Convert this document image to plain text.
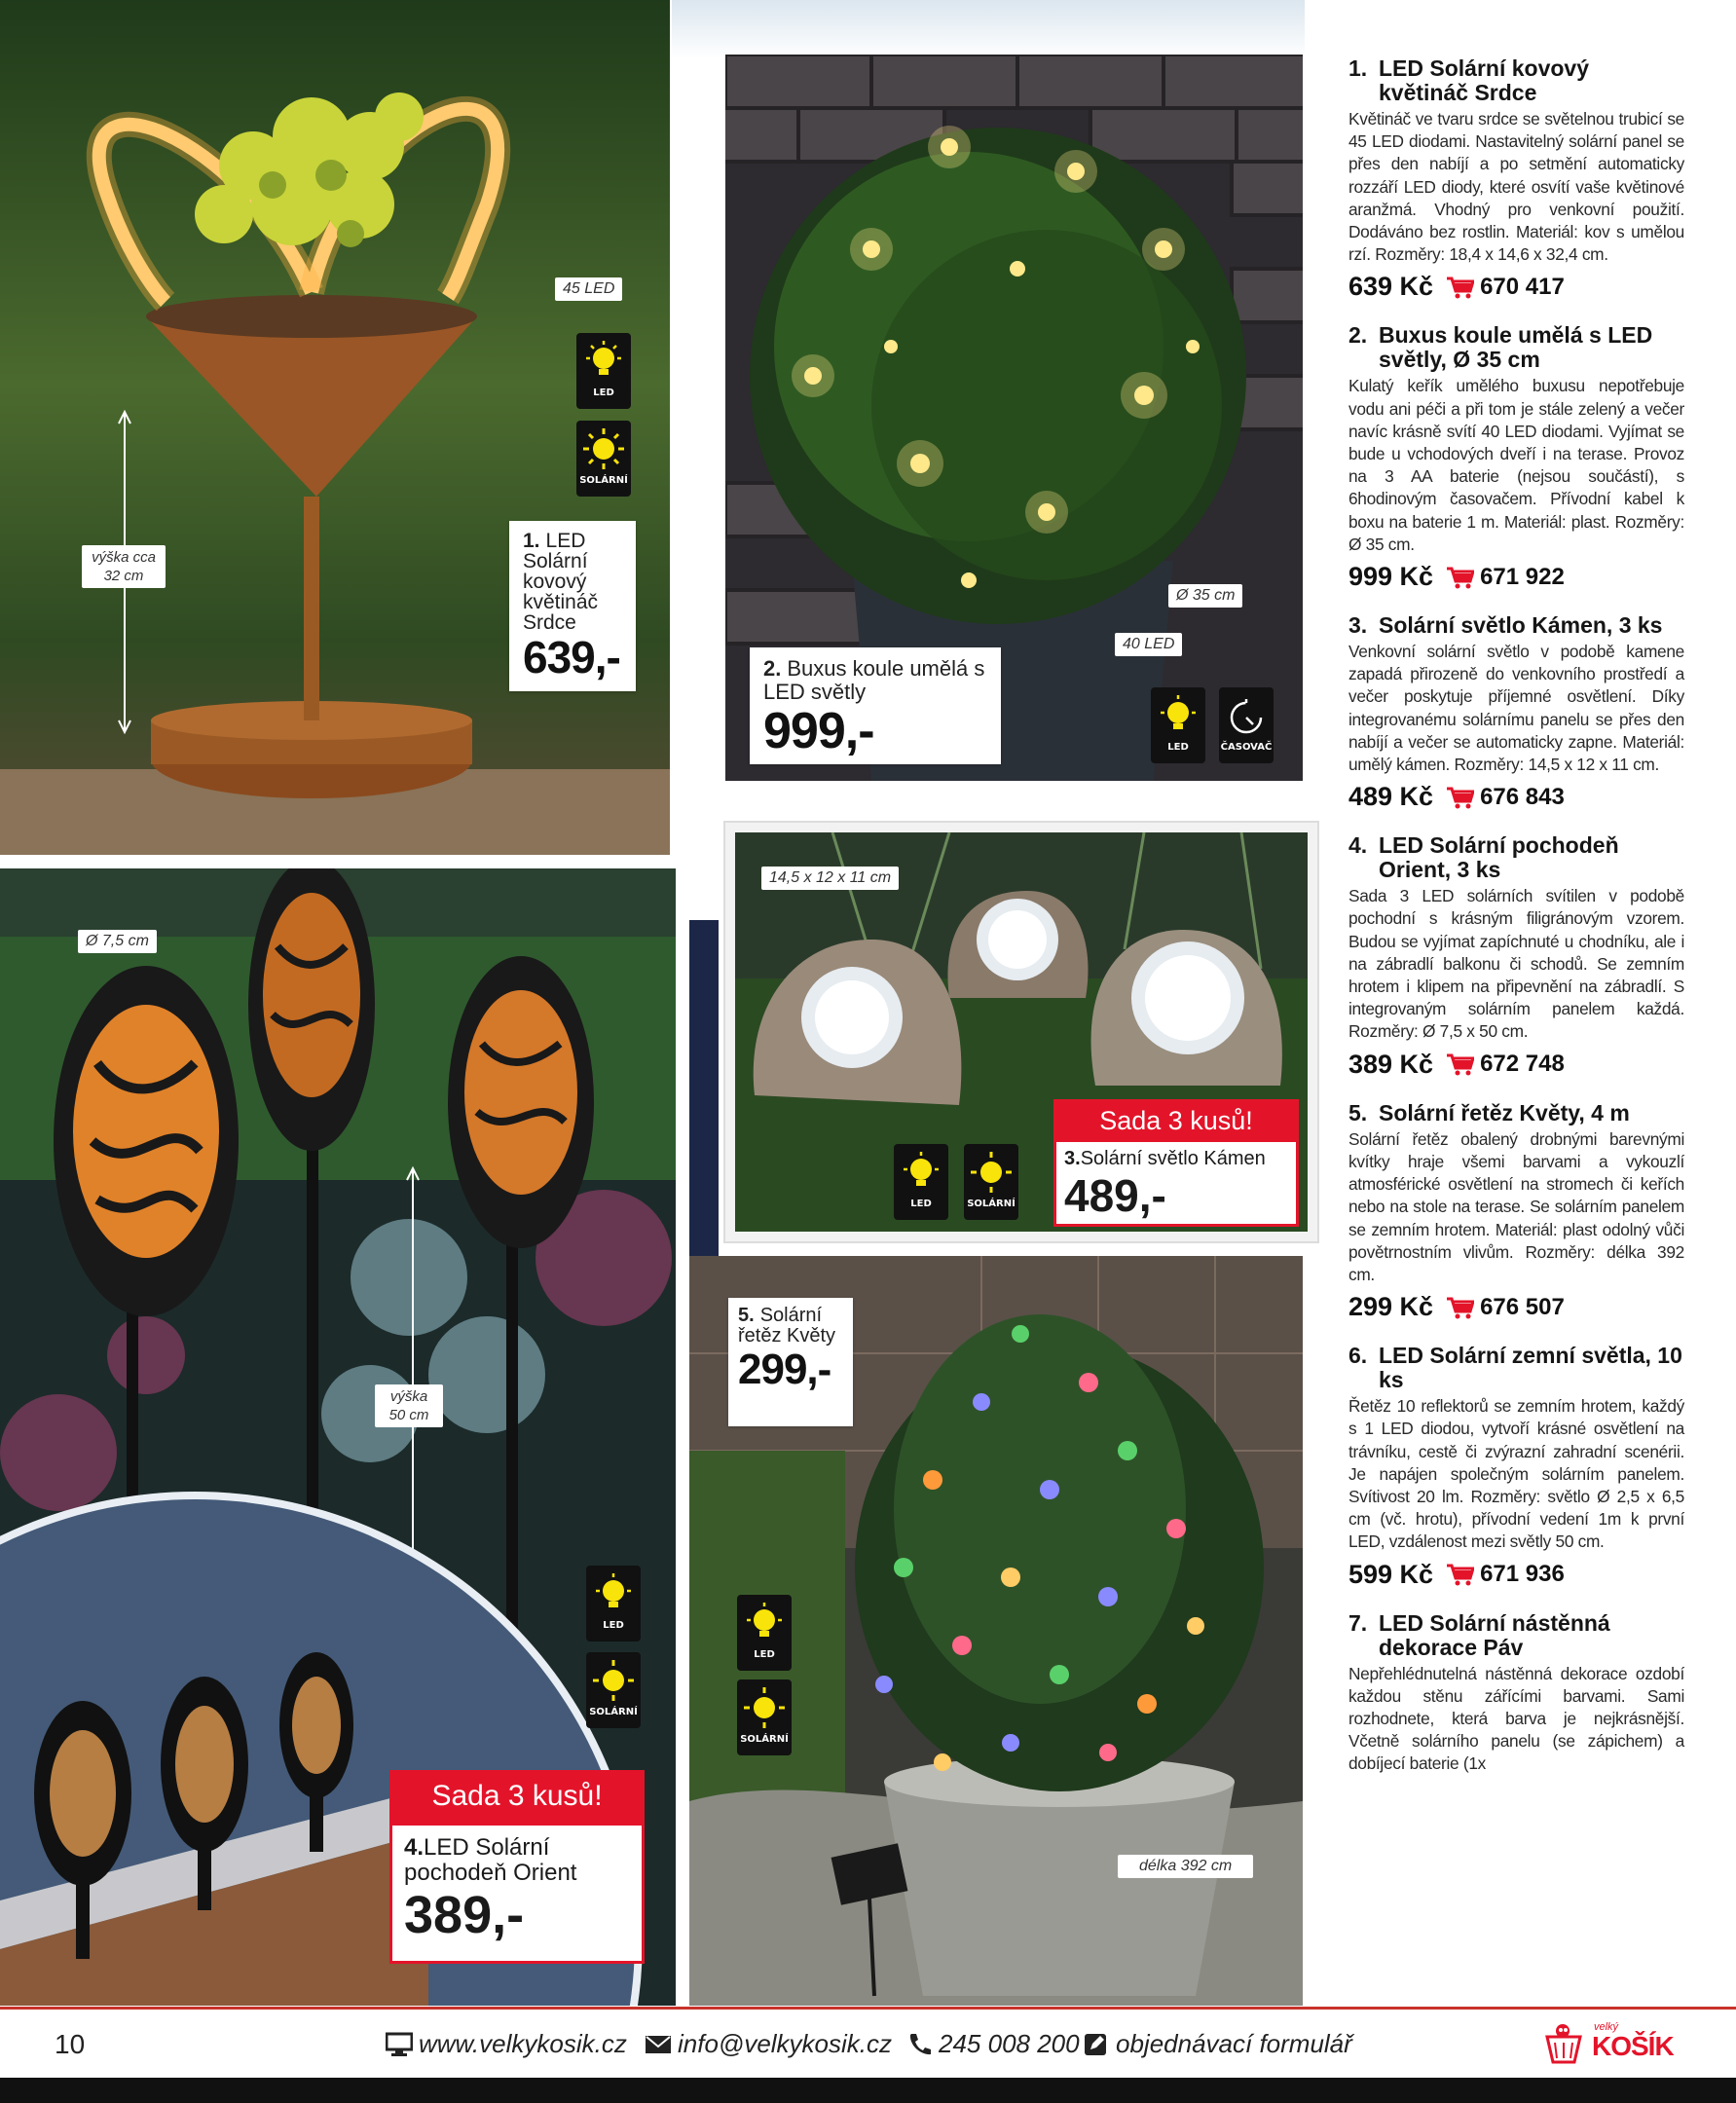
45 LED
výška cca 32 cm
LED
SOLÁRNÍ
1. LED Solární kovový květináč Srdce
639,-
Ø 35 cm
40 LED
LED	ČASOVAČ
2. Buxus koule umělá s LED světly
999,-
Ø 7,5 cm
výška 50 cm
LED
SOLÁRNÍ
Sada 3 kusů!
4.LED Solární pochodeň Orient
389,-
14,5 x 12 x 11 cm
LED	SOLÁRNÍ
Sada 3 kusů!
3.Solární světlo Kámen
489,-
délka 392 cm
LED
SOLÁRNÍ
5. Solární řetěz Květy
299,-
1. LED Solární kovový květináč Srdce
Květináč ve tvaru srdce se světelnou trubicí se 45 LED diodami. Nastavitelný solární panel se přes den nabíjí a po setmění automaticky rozzáří LED diody, které osvítí vaše květinové aranžmá. Vhodný pro venkovní použití. Dodáváno bez rostlin. Materiál: kov s umělou rzí. Rozměry: 18,4 x 14,6 x 32,4 cm.
639 Kč 670 417
2. Buxus koule umělá s LED světly, Ø 35 cm
Kulatý keřík umělého buxusu nepotřebuje vodu ani péči a při tom je stále zelený a večer navíc krásně svítí 40 LED diodami. Vyjímat se bude u vchodových dveří i na terase. Provoz na 3 AA baterie (nejsou součástí), s 6hodinovým časovačem. Přívodní kabel k boxu na baterie 1 m. Materiál: plast. Rozměry: Ø 35 cm.
999 Kč 671 922
3. Solární světlo Kámen, 3 ks
Venkovní solární světlo v podobě kamene zapadá přirozeně do venkovního prostředí a večer poskytuje příjemné osvětlení. Díky integrovanému solárnímu panelu se přes den nabíjí a večer se automaticky zapne. Materiál: umělý kámen. Rozměry: 14,5 x 12 x 11 cm.
489 Kč 676 843
4. LED Solární pochodeň Orient, 3 ks
Sada 3 LED solárních svítilen v podobě pochodní s krásným filigránovým vzorem. Budou se vyjímat zapíchnuté u chodníku, ale i na zábradlí balkonu či schodů. Se zemním hrotem i klipem na připevnění na zábradlí. S integrovaným solárním panelem každá. Rozměry: Ø 7,5 x 50 cm.
389 Kč 672 748
5. Solární řetěz Květy, 4 m
Solární řetěz obalený drobnými barevnými kvítky hraje všemi barvami a vykouzlí atmosférické osvětlení na stromech či keřích nebo na stole na terase. Se solárním panelem se zemním hrotem. Materiál: plast odolný vůči povětrnostním vlivům. Rozměry: délka 392 cm.
299 Kč 676 507
6. LED Solární zemní světla, 10 ks
Řetěz 10 reflektorů se zemním hrotem, každý s 1 LED diodou, vytvoří krásné osvětlení na trávníku, cestě či zvýrazní zahradní scenérii. Je napájen společným solárním panelem. Svítivost 20 lm. Rozměry: světlo Ø 2,5 x 6,5 cm (vč. hrotu), přívodní vedení 1m k první LED, vzdálenost mezi světly 50 cm.
599 Kč 671 936
7. LED Solární nástěnná dekorace Páv
Nepřehlédnutelná nástěnná dekorace ozdobí každou stěnu zářícími barvami. Sami rozhodnete, která barva je nejkrásnější. Včetně solárního panelu (se zápichem) a dobíjecí baterie (1x
10	www.velkykosik.cz info@velkykosik.cz 245 008 200 objednávací formulář
velký
KOŠÍK
